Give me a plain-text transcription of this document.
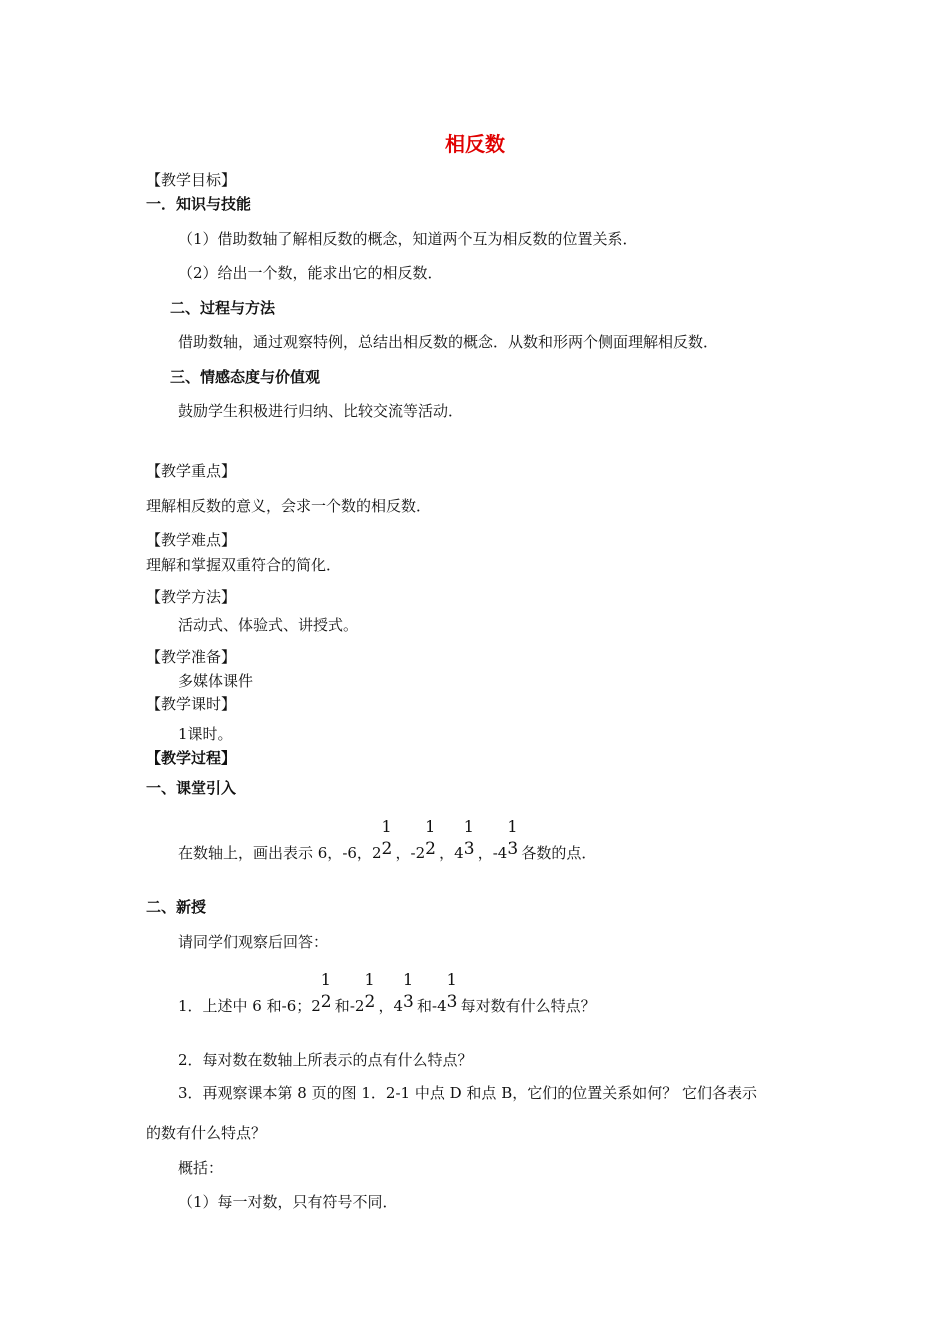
相反数
【教学目标】
一．知识与技能
（1）借助数轴了解相反数的概念，知道两个互为相反数的位置关系．
（2）给出一个数，能求出它的相反数．
二、过程与方法
借助数轴，通过观察特例，总结出相反数的概念．从数和形两个侧面理解相反数．
三、情感态度与价值观
鼓励学生积极进行归纳、比较交流等活动．
【教学重点】
理解相反数的意义，会求一个数的相反数．
【教学难点】
理解和掌握双重符合的简化．
【教学方法】
活动式、体验式、讲授式。
【教学准备】
多媒体课件
【教学课时】
1课时。
【教学过程】
一、课堂引入
在数轴上，画出表示 6，-6，2
1
2 ，-2
1
2 ，4
1
3 ，-4
1
3 各数的点．
二、新授
请同学们观察后回答：
1．上述中 6 和-6；2
1
2 和-2
1
2 ，4
1
3 和-4
1
3 每对数有什么特点？
2．每对数在数轴上所表示的点有什么特点？
3．再观察课本第 8 页的图 1．2-1 中点 D 和点 B，它们的位置关系如何？ 它们各表示
的数有什么特点？
概括：
（1）每一对数，只有符号不同．
